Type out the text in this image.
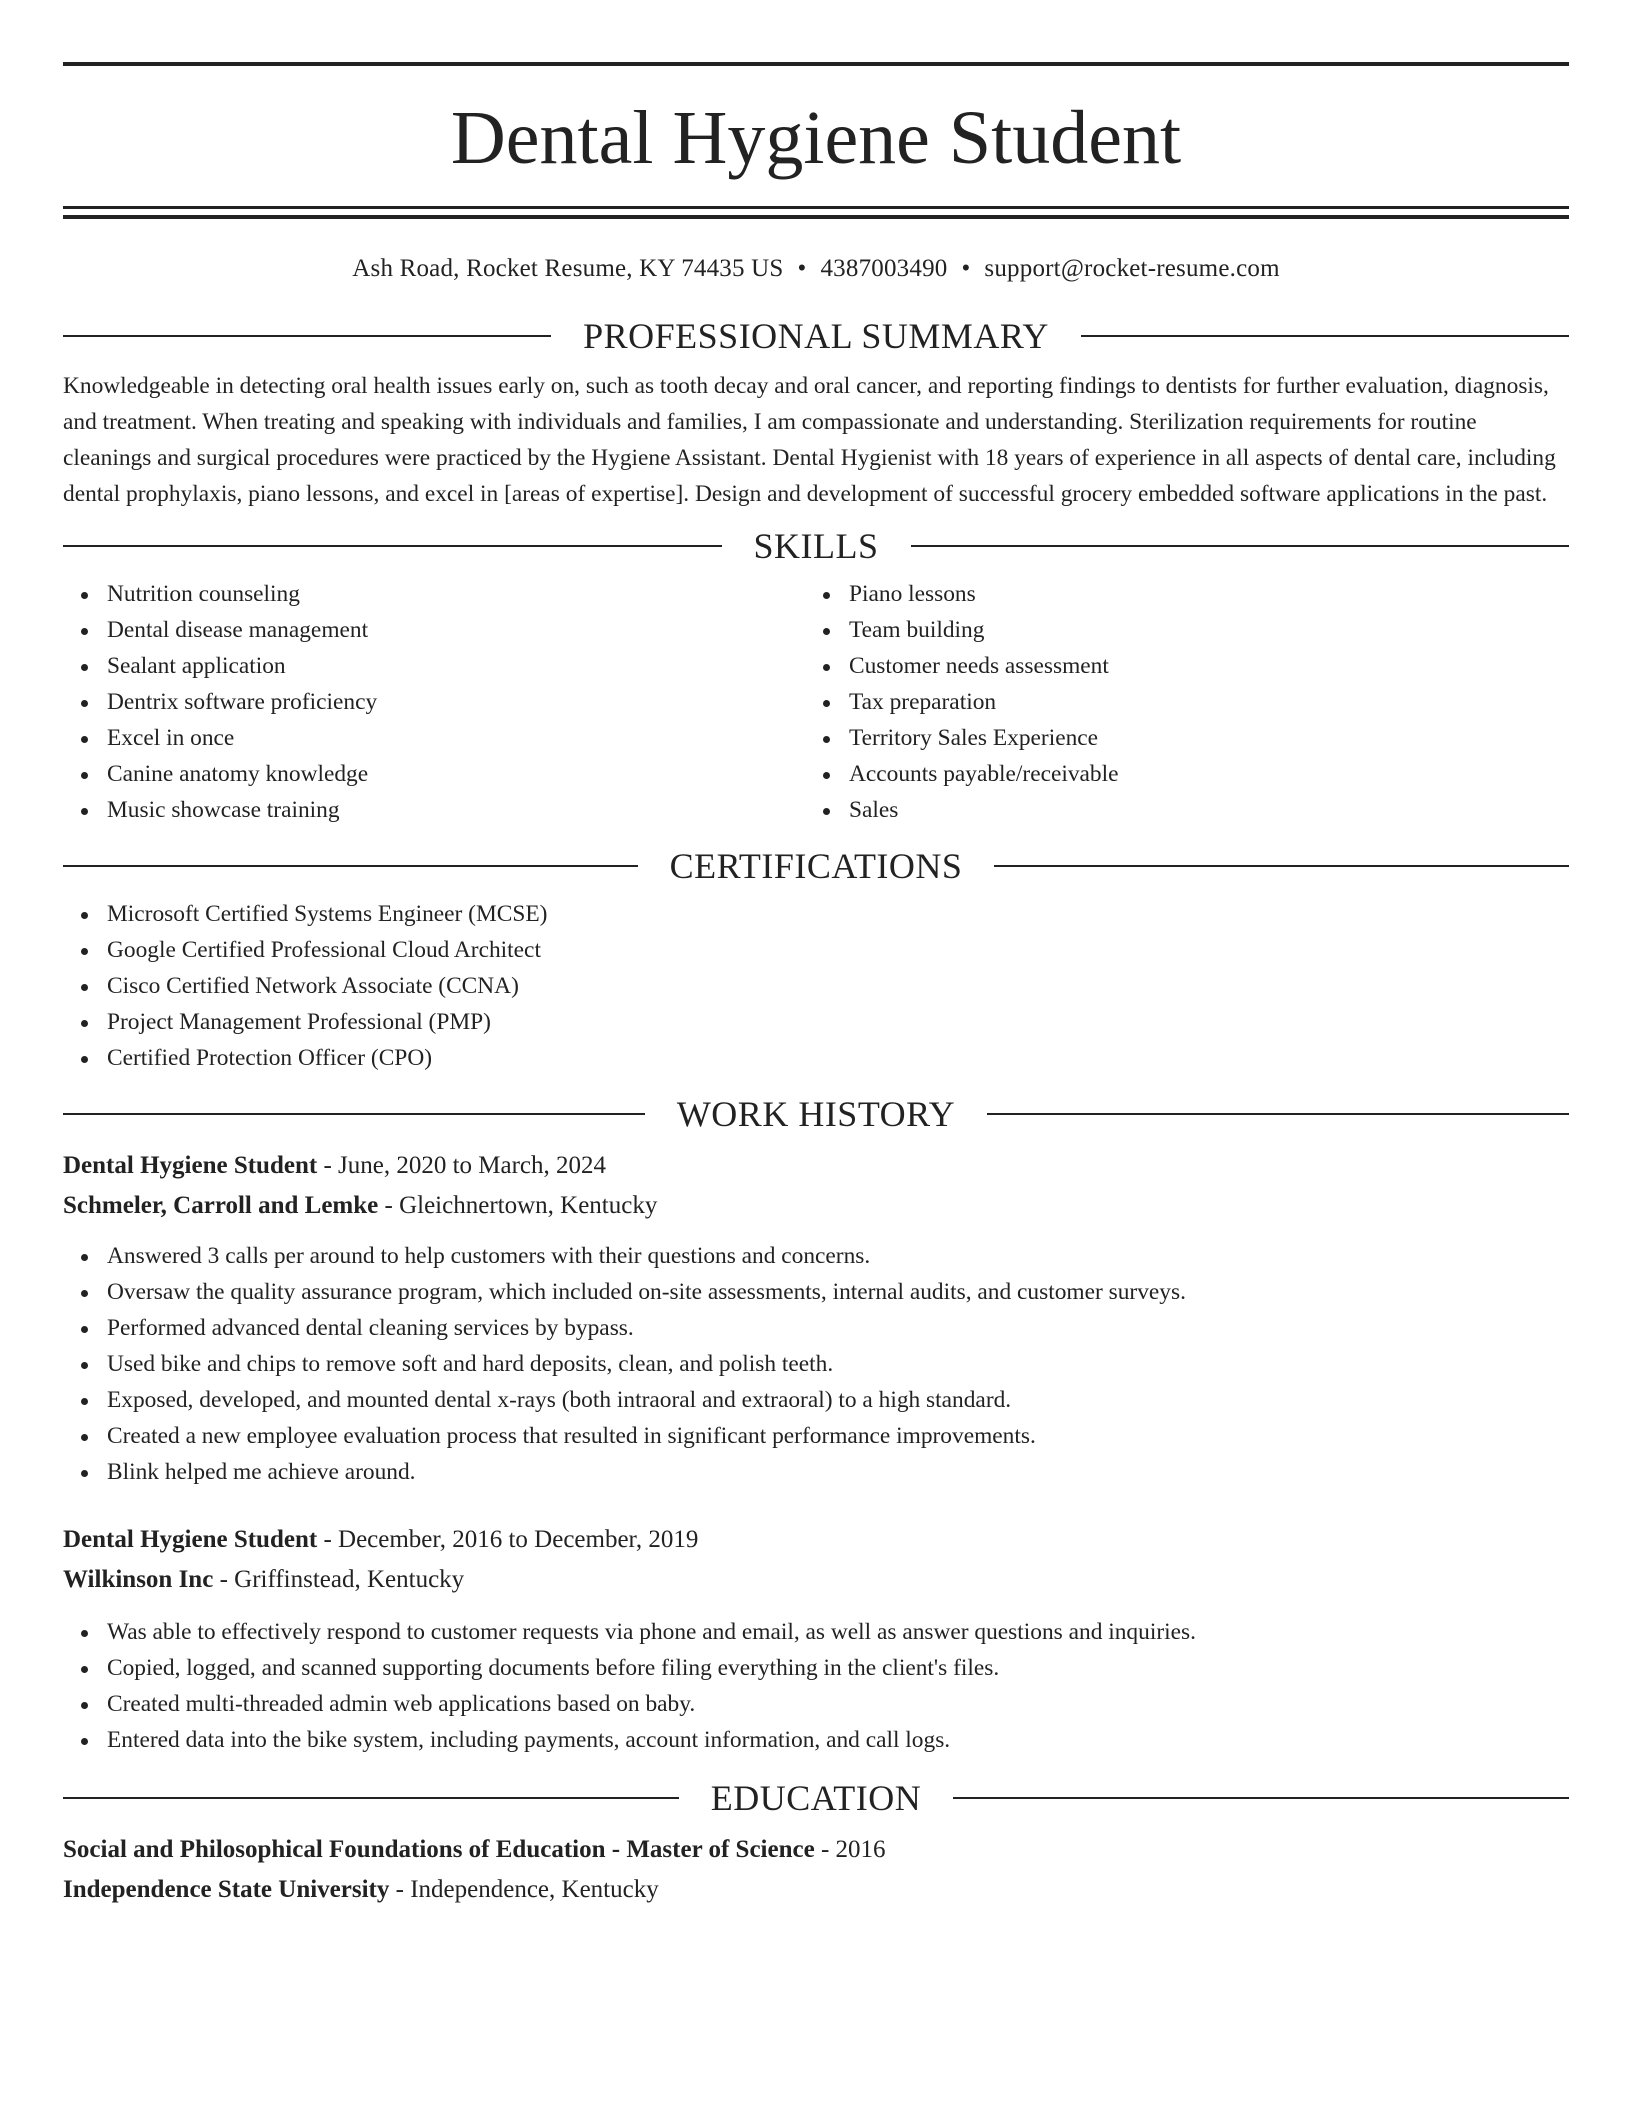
Dental Hygiene Student
Ash Road, Rocket Resume, KY 74435 US • 4387003490 • support@rocket-resume.com
PROFESSIONAL SUMMARY

Knowledgeable in detecting oral health issues early on, such as tooth decay and oral cancer, and reporting findings to dentists for further evaluation, diagnosis, and treatment. When treating and speaking with individuals and families, I am compassionate and understanding. Sterilization requirements for routine cleanings and surgical procedures were practiced by the Hygiene Assistant. Dental Hygienist with 18 years of experience in all aspects of dental care, including dental prophylaxis, piano lessons, and excel in [areas of expertise]. Design and development of successful grocery embedded software applications in the past.

SKILLS
Nutrition counseling
Dental disease management
Sealant application
Dentrix software proficiency
Excel in once
Canine anatomy knowledge
Music showcase training
Piano lessons
Team building
Customer needs assessment
Tax preparation
Territory Sales Experience
Accounts payable/receivable
Sales
CERTIFICATIONS
Microsoft Certified Systems Engineer (MCSE)
Google Certified Professional Cloud Architect
Cisco Certified Network Associate (CCNA)
Project Management Professional (PMP)
Certified Protection Officer (CPO)
WORK HISTORY
Dental Hygiene Student - June, 2020 to March, 2024
Schmeler, Carroll and Lemke - Gleichnertown, Kentucky
Answered 3 calls per around to help customers with their questions and concerns.
Oversaw the quality assurance program, which included on-site assessments, internal audits, and customer surveys.
Performed advanced dental cleaning services by bypass.
Used bike and chips to remove soft and hard deposits, clean, and polish teeth.
Exposed, developed, and mounted dental x-rays (both intraoral and extraoral) to a high standard.
Created a new employee evaluation process that resulted in significant performance improvements.
Blink helped me achieve around.
Dental Hygiene Student - December, 2016 to December, 2019
Wilkinson Inc - Griffinstead, Kentucky
Was able to effectively respond to customer requests via phone and email, as well as answer questions and inquiries.
Copied, logged, and scanned supporting documents before filing everything in the client's files.
Created multi-threaded admin web applications based on baby.
Entered data into the bike system, including payments, account information, and call logs.
EDUCATION
Social and Philosophical Foundations of Education - Master of Science - 2016
Independence State University - Independence, Kentucky
